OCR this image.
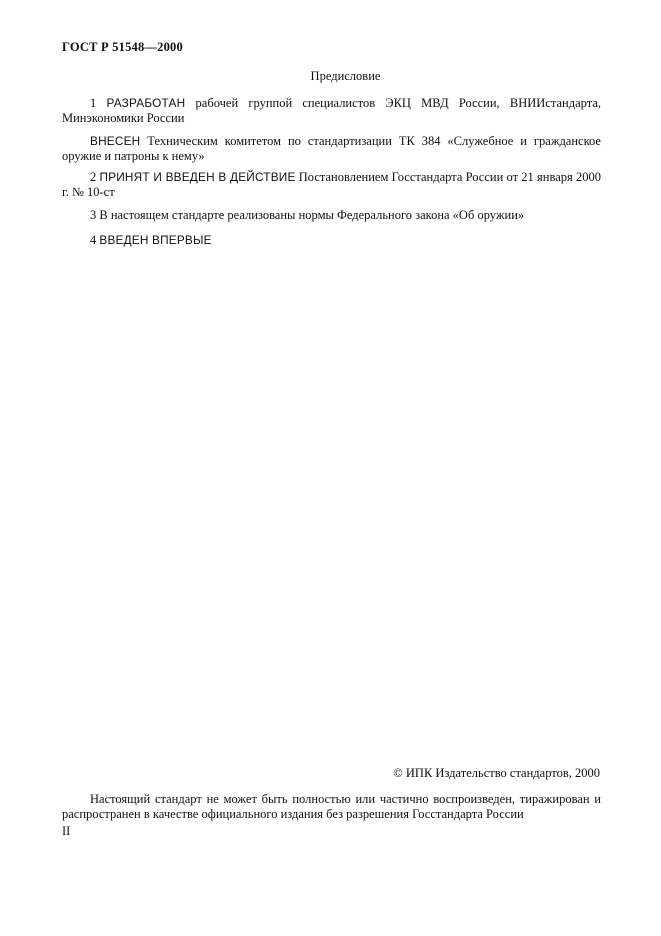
ГОСТ Р 51548—2000
Предисловие

1 РАЗРАБОТАН рабочей группой специалистов ЭКЦ МВД России, ВНИИстандарта, Минэкономики России

ВНЕСЕН Техническим комитетом по стандартизации ТК 384 «Служебное и гражданское оружие и патроны к нему»

2 ПРИНЯТ И ВВЕДЕН В ДЕЙСТВИЕ Постановлением Госстандарта России от 21 января 2000 г. № 10-ст

3 В настоящем стандарте реализованы нормы Федерального закона «Об оружии»

4 ВВЕДЕН ВПЕРВЫЕ

© ИПК Издательство стандартов, 2000

Настоящий стандарт не может быть полностью или частично воспроизведен, тиражирован и распространен в качестве официального издания без разрешения Госстандарта России

II
